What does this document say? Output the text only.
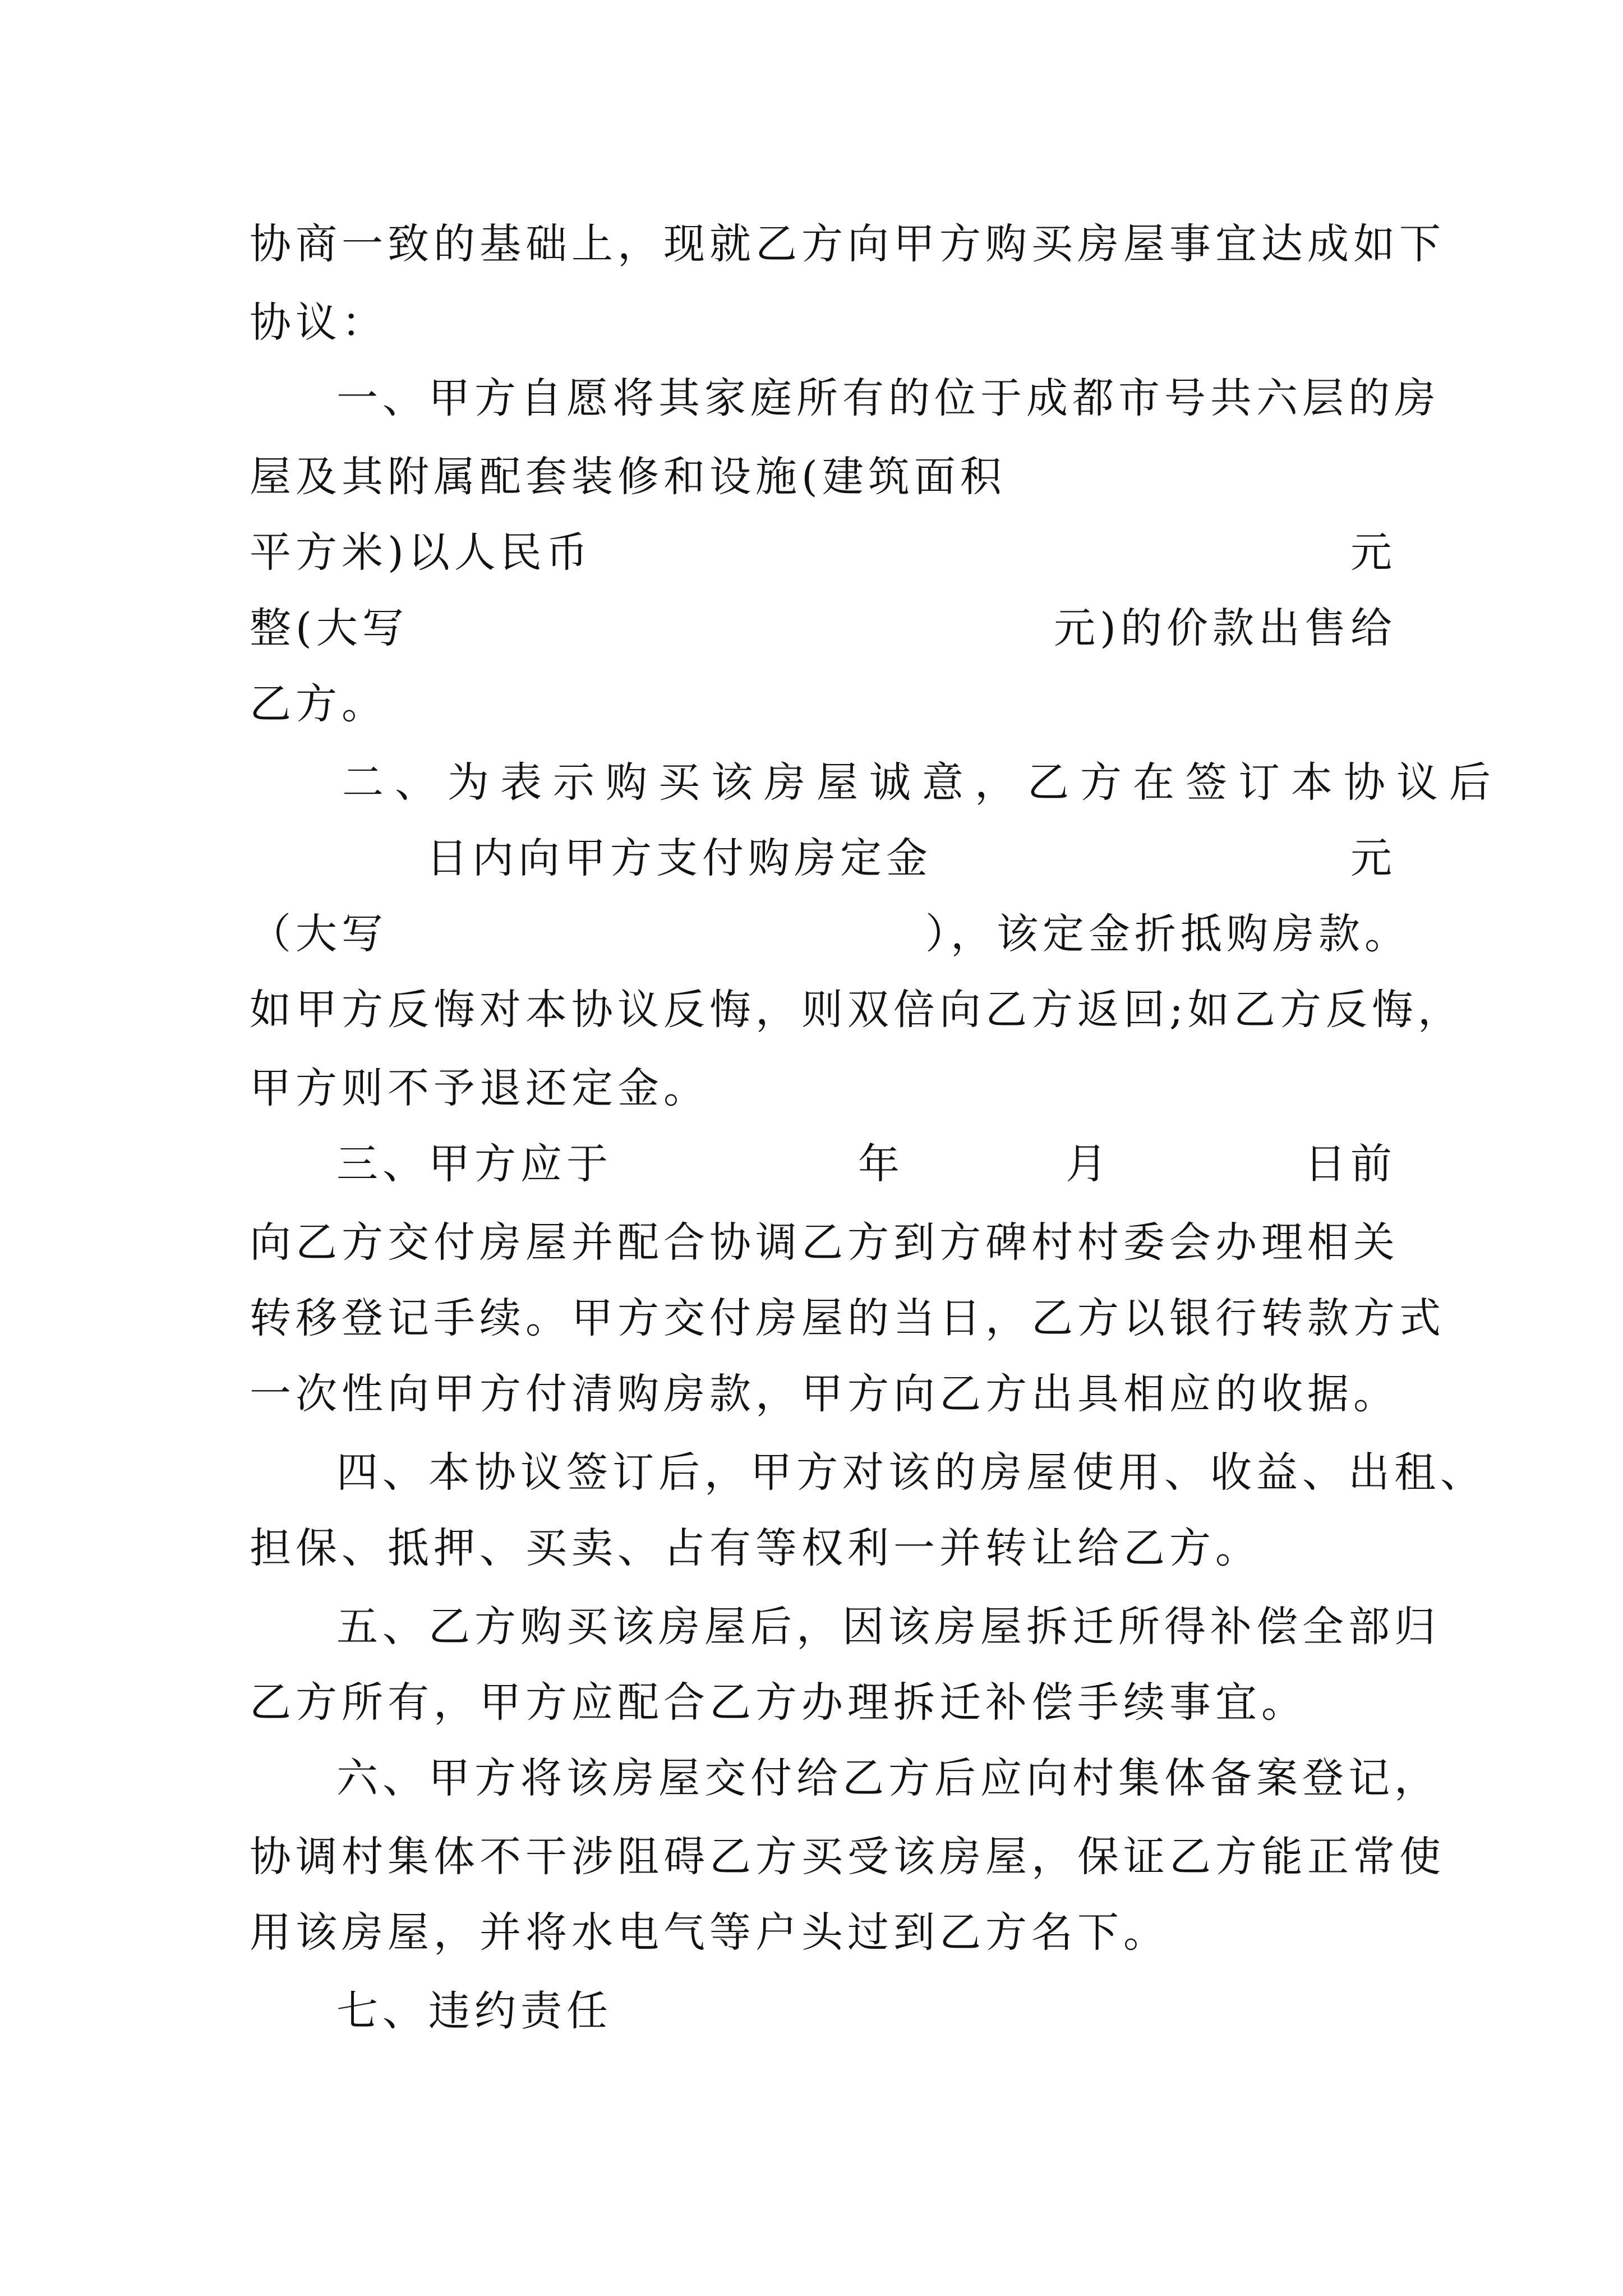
协商一致的基础上，现就乙方向甲方购买房屋事宜达成如下
协议：
一、甲方自愿将其家庭所有的位于成都市号共六层的房
屋及其附属配套装修和设施(建筑面积
平方米)以人民币	元
整(大写	元)的价款出售给
乙方。
二、为表示购买该房屋诚意，乙方在签订本协议后
日内向甲方支付购房定金	元
（大写	），该定金折抵购房款。
如甲方反悔对本协议反悔，则双倍向乙方返回;如乙方反悔，
甲方则不予退还定金。
三、甲方应于	年	月	日前
向乙方交付房屋并配合协调乙方到方碑村村委会办理相关
转移登记手续。甲方交付房屋的当日，乙方以银行转款方式
一次性向甲方付清购房款，甲方向乙方出具相应的收据。
四、本协议签订后，甲方对该的房屋使用、收益、出租、
担保、抵押、买卖、占有等权利一并转让给乙方。
五、乙方购买该房屋后，因该房屋拆迁所得补偿全部归
乙方所有，甲方应配合乙方办理拆迁补偿手续事宜。
六、甲方将该房屋交付给乙方后应向村集体备案登记，
协调村集体不干涉阻碍乙方买受该房屋，保证乙方能正常使
用该房屋，并将水电气等户头过到乙方名下。
七、违约责任
